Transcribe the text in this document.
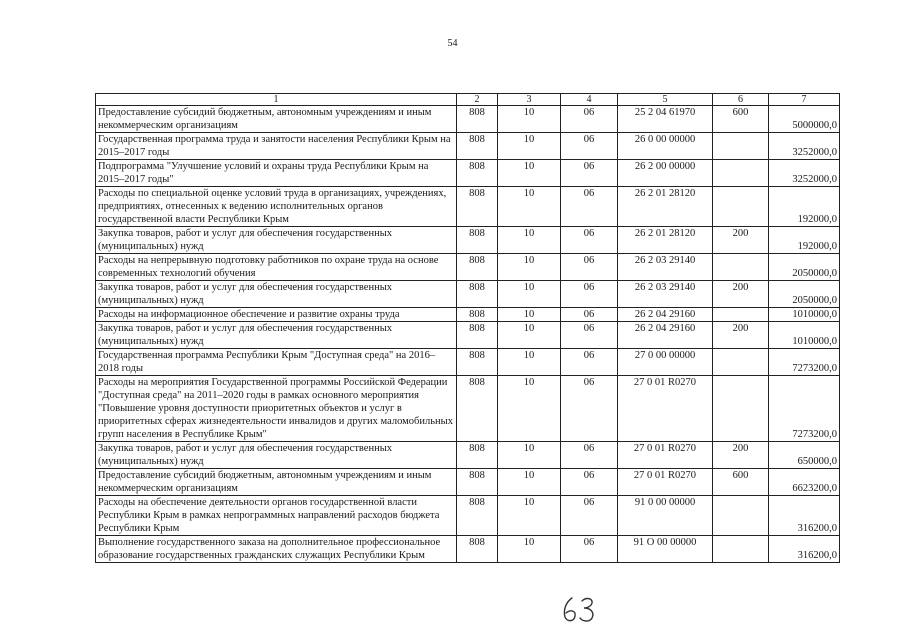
54
1	2	3	4	5	6	7
Предоставление субсидий бюджетным, автономным учреждениям и иным некоммерческим организациям	808	10	06	25 2 04 61970	600	5000000,0
Государственная программа труда и занятости населения Республики Крым на 2015–2017 годы	808	10	06	26 0 00 00000		3252000,0
Подпрограмма "Улучшение условий и охраны труда Республики Крым на 2015–2017 годы"	808	10	06	26 2 00 00000		3252000,0
Расходы по специальной оценке условий труда в организациях, учреждениях, предприятиях, отнесенных к ведению исполнительных органов государственной власти Республики Крым	808	10	06	26 2 01 28120		192000,0
Закупка товаров, работ и услуг для обеспечения государственных (муниципальных) нужд	808	10	06	26 2 01 28120	200	192000,0
Расходы на непрерывную подготовку работников по охране труда на основе современных технологий обучения	808	10	06	26 2 03 29140		2050000,0
Закупка товаров, работ и услуг для обеспечения государственных (муниципальных) нужд	808	10	06	26 2 03 29140	200	2050000,0
Расходы на информационное обеспечение и развитие охраны труда	808	10	06	26 2 04 29160		1010000,0
Закупка товаров, работ и услуг для обеспечения государственных (муниципальных) нужд	808	10	06	26 2 04 29160	200	1010000,0
Государственная программа Республики Крым "Доступная среда" на 2016–2018 годы	808	10	06	27 0 00 00000		7273200,0
Расходы на мероприятия Государственной программы Российской Федерации "Доступная среда" на 2011–2020 годы в рамках основного мероприятия "Повышение уровня доступности приоритетных объектов и услуг в приоритетных сферах жизнедеятельности инвалидов и других маломобильных групп населения в Республике Крым"	808	10	06	27 0 01 R0270		7273200,0
Закупка товаров, работ и услуг для обеспечения государственных (муниципальных) нужд	808	10	06	27 0 01 R0270	200	650000,0
Предоставление субсидий бюджетным, автономным учреждениям и иным некоммерческим организациям	808	10	06	27 0 01 R0270	600	6623200,0
Расходы на обеспечение деятельности органов государственной власти Республики Крым в рамках непрограммных направлений расходов бюджета Республики Крым	808	10	06	91 0 00 00000		316200,0
Выполнение государственного заказа на дополнительное профессиональное образование государственных гражданских служащих Республики Крым	808	10	06	91 О 00 00000		316200,0
